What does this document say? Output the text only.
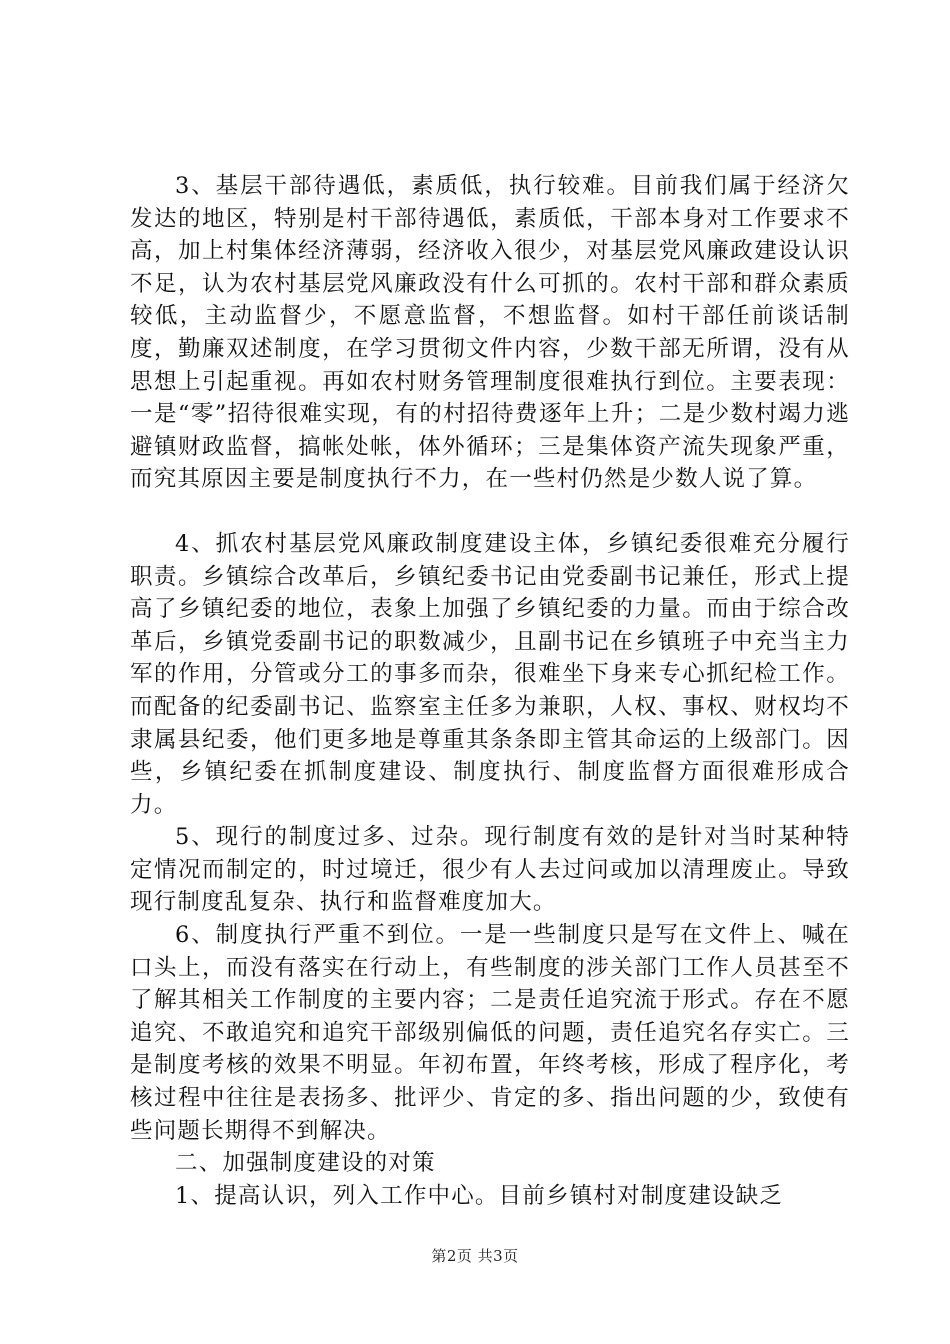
3、基层干部待遇低，素质低，执行较难。目前我们属于经济欠发达的地区，特别是村干部待遇低，素质低，干部本身对工作要求不高，加上村集体经济薄弱，经济收入很少，对基层党风廉政建设认识不足，认为农村基层党风廉政没有什么可抓的。农村干部和群众素质较低，主动监督少，不愿意监督，不想监督。如村干部任前谈话制度，勤廉双述制度，在学习贯彻文件内容，少数干部无所谓，没有从思想上引起重视。再如农村财务管理制度很难执行到位。主要表现：一是“零”招待很难实现，有的村招待费逐年上升；二是少数村竭力逃避镇财政监督，搞帐处帐，体外循环；三是集体资产流失现象严重，而究其原因主要是制度执行不力，在一些村仍然是少数人说了算。

4、抓农村基层党风廉政制度建设主体，乡镇纪委很难充分履行职责。乡镇综合改革后，乡镇纪委书记由党委副书记兼任，形式上提高了乡镇纪委的地位，表象上加强了乡镇纪委的力量。而由于综合改革后，乡镇党委副书记的职数减少，且副书记在乡镇班子中充当主力军的作用，分管或分工的事多而杂，很难坐下身来专心抓纪检工作。而配备的纪委副书记、监察室主任多为兼职，人权、事权、财权均不隶属县纪委，他们更多地是尊重其条条即主管其命运的上级部门。因些，乡镇纪委在抓制度建设、制度执行、制度监督方面很难形成合力。

5、现行的制度过多、过杂。现行制度有效的是针对当时某种特定情况而制定的，时过境迁，很少有人去过问或加以清理废止。导致现行制度乱复杂、执行和监督难度加大。

6、制度执行严重不到位。一是一些制度只是写在文件上、喊在口头上，而没有落实在行动上，有些制度的涉关部门工作人员甚至不了解其相关工作制度的主要内容；二是责任追究流于形式。存在不愿追究、不敢追究和追究干部级别偏低的问题，责任追究名存实亡。三是制度考核的效果不明显。年初布置，年终考核，形成了程序化，考核过程中往往是表扬多、批评少、肯定的多、指出问题的少，致使有些问题长期得不到解决。

二、加强制度建设的对策

1、提高认识，列入工作中心。目前乡镇村对制度建设缺乏

第2页 共3页
